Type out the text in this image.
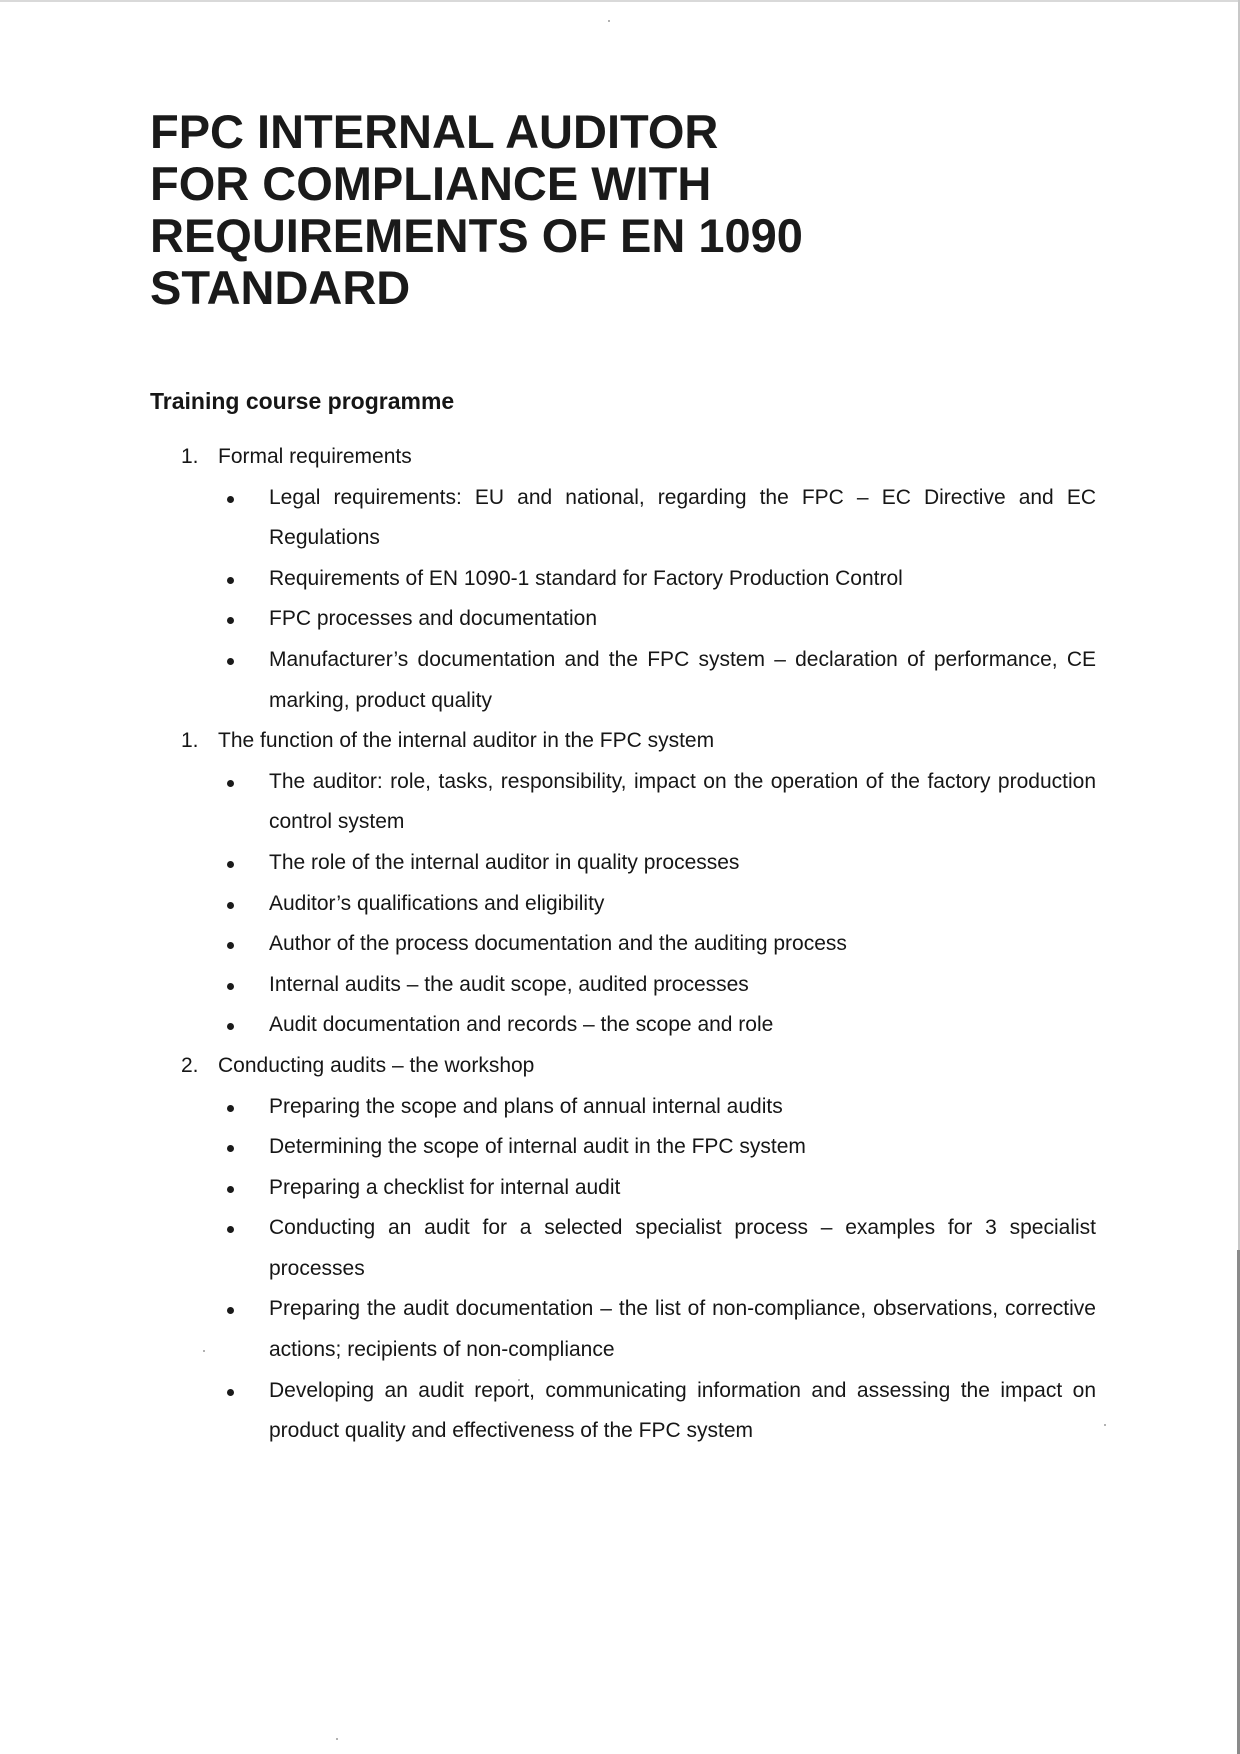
FPC INTERNAL AUDITOR
FOR COMPLIANCE WITH
REQUIREMENTS OF EN 1090
STANDARD
Training course programme
1. Formal requirements
Legal requirements: EU and national, regarding the FPC – EC Directive and EC Regulations
Requirements of EN 1090-1 standard for Factory Production Control
FPC processes and documentation
Manufacturer’s documentation and the FPC system – declaration of performance, CE marking, product quality
1. The function of the internal auditor in the FPC system
The auditor: role, tasks, responsibility, impact on the operation of the factory production control system
The role of the internal auditor in quality processes
Auditor’s qualifications and eligibility
Author of the process documentation and the auditing process
Internal audits – the audit scope, audited processes
Audit documentation and records – the scope and role
2. Conducting audits – the workshop
Preparing the scope and plans of annual internal audits
Determining the scope of internal audit in the FPC system
Preparing a checklist for internal audit
Conducting an audit for a selected specialist process – examples for 3 specialist processes
Preparing the audit documentation – the list of non-compliance, observations, corrective actions; recipients of non-compliance
Developing an audit report, communicating information and assessing the impact on product quality and effectiveness of the FPC system
